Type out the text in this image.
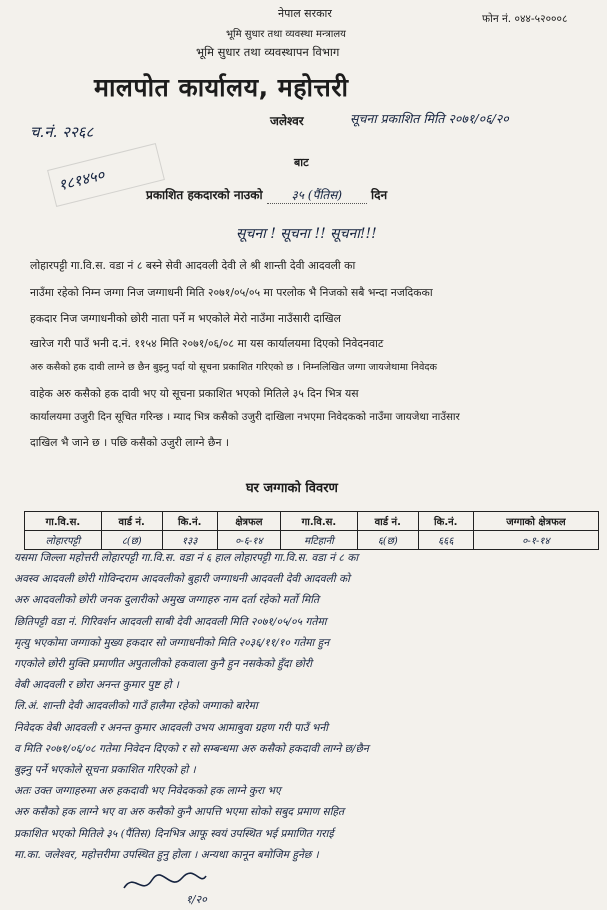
नेपाल सरकार
भूमि सुधार तथा व्यवस्था मन्त्रालय
भूमि सुधार तथा व्यवस्थापन विभाग
मालपोत कार्यालय, महोत्तरी
फोन नं. ०४४-५२०००८
च.नं. २२६८
जलेश्वर	सूचना प्रकाशित मिति २०७१/०६/२०
१८१४५०
बाट
प्रकाशित हकदारको नाउको ३५ (पैंतिस) दिन
सूचना ! सूचना !! सूचना!!!
लोहारपट्टी गा.वि.स. वडा नं ८ बस्ने सेवी आदवली देवी ले श्री शान्ती देवी आदवली का
नाउँमा रहेको निम्न जग्गा निज जग्गाधनी मिति २०७१/०५/०५ मा परलोक भै निजको सबै भन्दा नजदिकका
हकदार निज जग्गाधनीको छोरी नाता पर्ने म भएकोले मेरो नाउँमा नाउँसारी दाखिल
खारेज गरी पाउँ भनी द.नं. ११५४ मिति २०७१/०६/०८ मा यस कार्यालयमा दिएको निवेदनवाट
अरु कसैको हक दावी लाग्ने छ छैन बुझ्नु पर्दा यो सूचना प्रकाशित गरिएको छ । निम्नलिखित जग्गा जायजेथामा निवेदक
वाहेक अरु कसैको हक दावी भए यो सूचना प्रकाशित भएको मितिले ३५ दिन भित्र यस
कार्यालयमा उजुरी दिन सूचित गरिन्छ । म्याद भित्र कसैको उजुरी दाखिला नभएमा निवेदकको नाउँमा जायजेथा नाउँसार
दाखिल भै जाने छ । पछि कसैको उजुरी लाग्ने छैन ।
घर जग्गाको विवरण
गा.वि.स.	वार्ड नं.	कि.नं.	क्षेत्रफल	गा.वि.स.	वार्ड नं.	कि.नं.	जग्गाको क्षेत्रफल
लोहारपट्टी	८(छ)	१३३	०-६-१४	मटिहानी	६(छ)	६६६	०-१-१४
यसमा जिल्ला महोत्तरी लोहारपट्टी गा.वि.स. वडा नं ६ हाल लोहारपट्टी गा.वि.स. वडा नं ८ का
अवस्व आदवली छोरी गोविन्दराम आदवलीको बुहारी जग्गाधनी आदवली देवी आदवली को
अरु आदवलीको छोरी जनक दुलारीको अमुख जग्गाहरु नाम दर्ता रहेको मर्तो मिति
छितिपट्टी वडा नं. गिरिवर्शन आदवली साबी देवी आदवली मिति २०७१/०५/०५ गतेमा
मृत्यु भएकोमा जग्गाको मुख्य हकदार सो जग्गाधनीको मिति २०३६/११/१० गतेमा हुन
गएकोले छोरी मुक्ति प्रमाणीत अपुतालीको हकवाला कुनै हुन नसकेको हुँदा छोरी
वेबी आदवली र छोरा अनन्त कुमार पुष्ट हो ।
लि.अं. शान्ती देवी आदवलीको गाउँ हालैमा रहेको जग्गाको बारेमा
निवेदक वेबी आदवली र अनन्त कुमार आदवली उभय आमाबुवा ग्रहण गरी पाउँ भनी
व मिति २०७१/०६/०८ गतेमा निवेदन दिएको र सो सम्बन्धमा अरु कसैको हकदावी लाग्ने छ/छैन
बुझ्नु पर्ने भएकोले सूचना प्रकाशित गरिएको हो ।
अतः उक्त जग्गाहरुमा अरु हकदावी भए निवेदकको हक लाग्ने कुरा भए
अरु कसैको हक लाग्ने भए वा अरु कसैको कुनै आपत्ति भएमा सोको सबुद प्रमाण सहित
प्रकाशित भएको मितिले ३५ (पैंतिस) दिनभित्र आफू स्वयं उपस्थित भई प्रमाणित गराई
मा.का. जलेश्वर, महोत्तरीमा उपस्थित हुनु होला । अन्यथा कानून बमोजिम हुनेछ ।
१/२०
